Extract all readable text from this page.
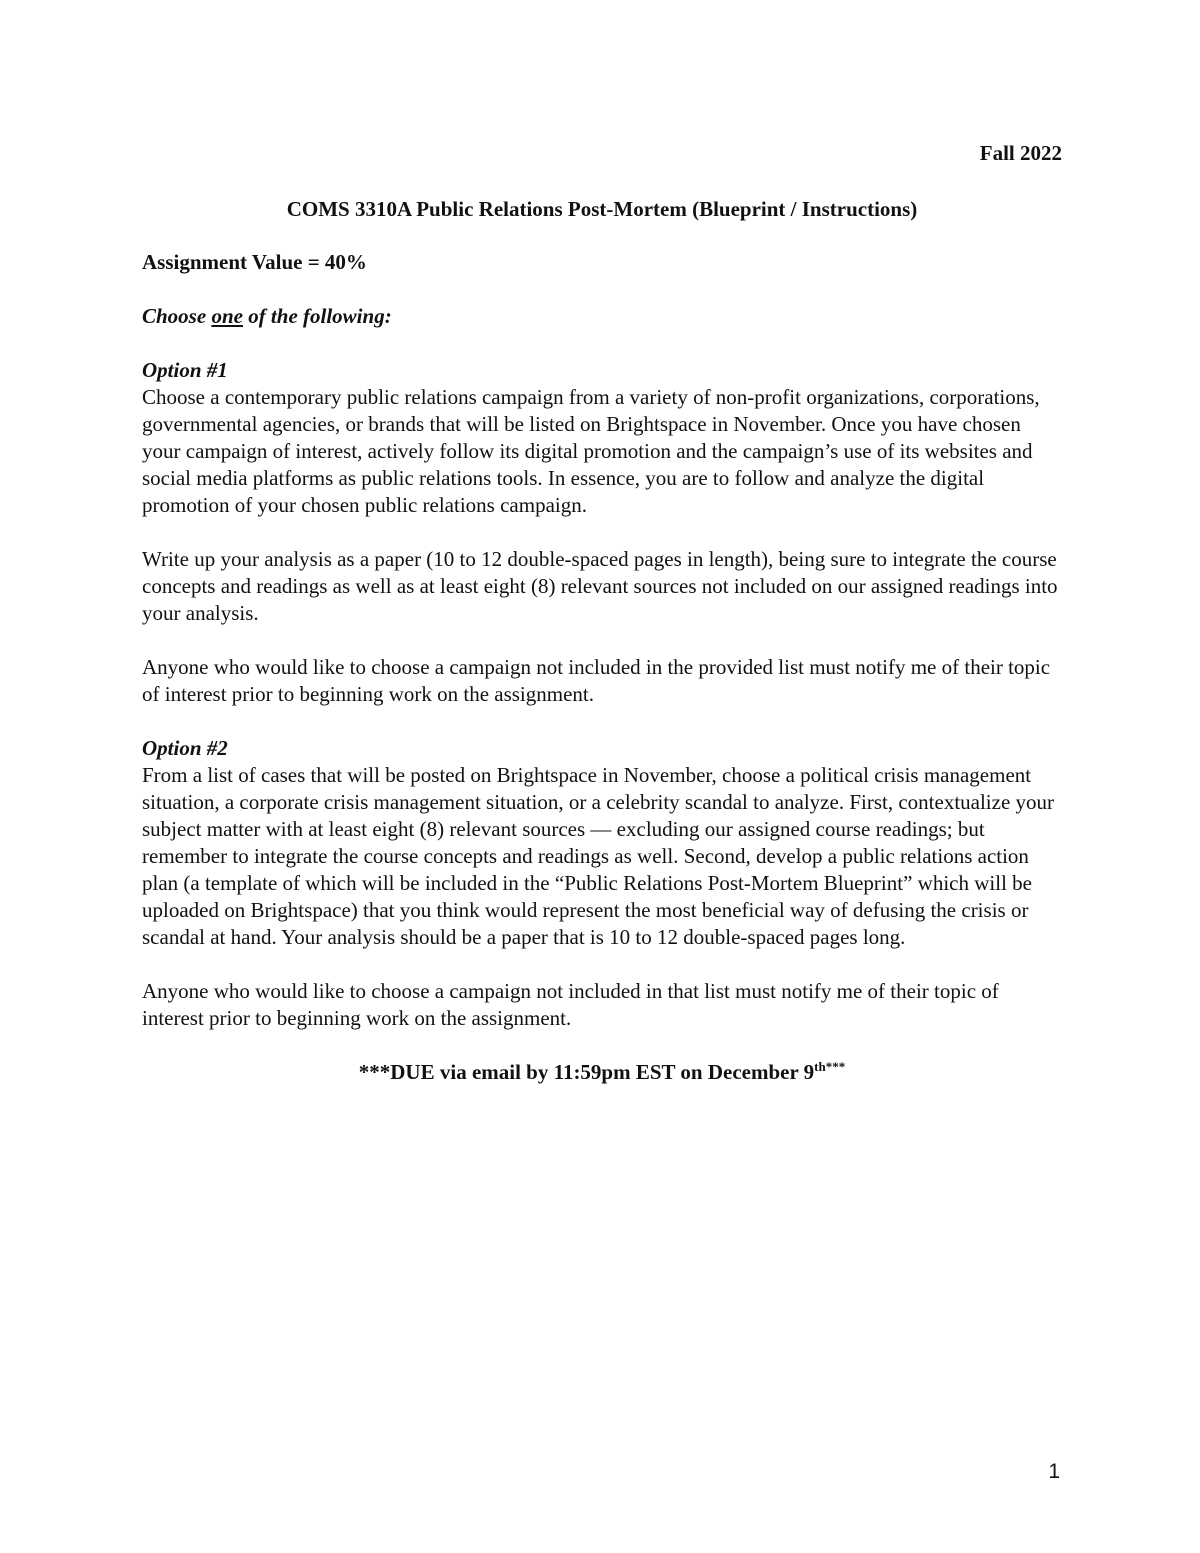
Fall 2022

COMS 3310A Public Relations Post-Mortem (Blueprint / Instructions)

Assignment Value = 40%

Choose one of the following:

Option #1

Choose a contemporary public relations campaign from a variety of non-profit organizations, corporations, governmental agencies, or brands that will be listed on Brightspace in November. Once you have chosen your campaign of interest, actively follow its digital promotion and the campaign’s use of its websites and social media platforms as public relations tools. In essence, you are to follow and analyze the digital promotion of your chosen public relations campaign.

Write up your analysis as a paper (10 to 12 double-spaced pages in length), being sure to integrate the course concepts and readings as well as at least eight (8) relevant sources not included on our assigned readings into your analysis.

Anyone who would like to choose a campaign not included in the provided list must notify me of their topic of interest prior to beginning work on the assignment.

Option #2

From a list of cases that will be posted on Brightspace in November, choose a political crisis management situation, a corporate crisis management situation, or a celebrity scandal to analyze. First, contextualize your subject matter with at least eight (8) relevant sources — excluding our assigned course readings; but remember to integrate the course concepts and readings as well. Second, develop a public relations action plan (a template of which will be included in the “Public Relations Post-Mortem Blueprint” which will be uploaded on Brightspace) that you think would represent the most beneficial way of defusing the crisis or scandal at hand. Your analysis should be a paper that is 10 to 12 double-spaced pages long.

Anyone who would like to choose a campaign not included in that list must notify me of their topic of interest prior to beginning work on the assignment.

***DUE via email by 11:59pm EST on December $9^{th***}$

1
